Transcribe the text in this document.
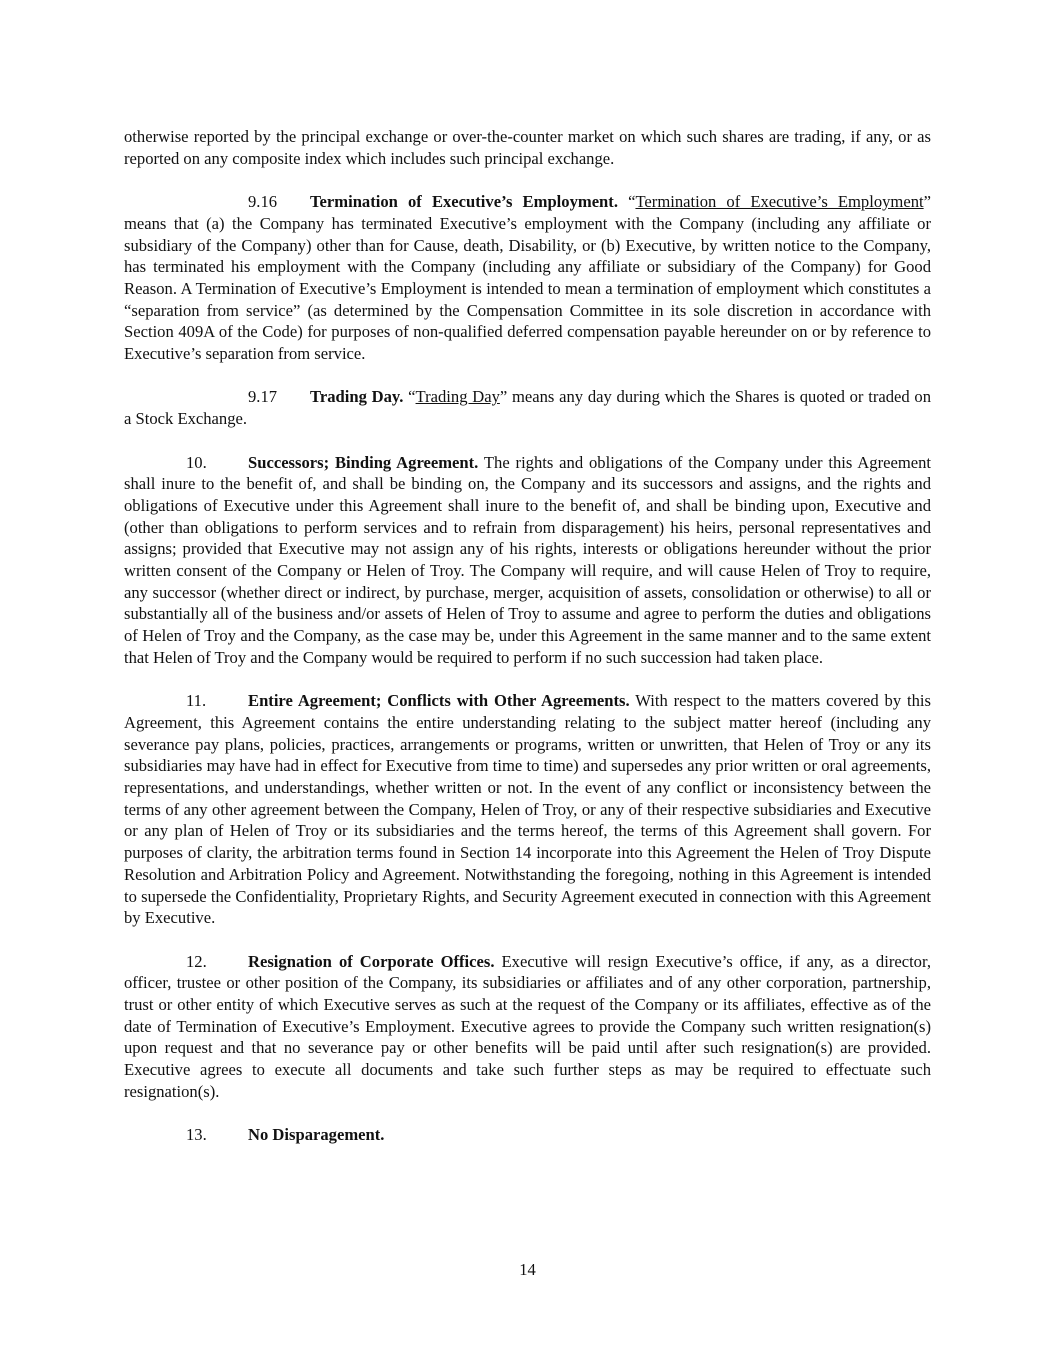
otherwise reported by the principal exchange or over-the-counter market on which such shares are trading, if any, or as reported on any composite index which includes such principal exchange.

9.16 Termination of Executive’s Employment. “Termination of Executive’s Employment” means that (a) the Company has terminated Executive’s employment with the Company (including any affiliate or subsidiary of the Company) other than for Cause, death, Disability, or (b) Executive, by written notice to the Company, has terminated his employment with the Company (including any affiliate or subsidiary of the Company) for Good Reason. A Termination of Executive’s Employment is intended to mean a termination of employment which constitutes a “separation from service” (as determined by the Compensation Committee in its sole discretion in accordance with Section 409A of the Code) for purposes of non-qualified deferred compensation payable hereunder on or by reference to Executive’s separation from service.

9.17 Trading Day. “Trading Day” means any day during which the Shares is quoted or traded on a Stock Exchange.

10. Successors; Binding Agreement. The rights and obligations of the Company under this Agreement shall inure to the benefit of, and shall be binding on, the Company and its successors and assigns, and the rights and obligations of Executive under this Agreement shall inure to the benefit of, and shall be binding upon, Executive and (other than obligations to perform services and to refrain from disparagement) his heirs, personal representatives and assigns; provided that Executive may not assign any of his rights, interests or obligations hereunder without the prior written consent of the Company or Helen of Troy. The Company will require, and will cause Helen of Troy to require, any successor (whether direct or indirect, by purchase, merger, acquisition of assets, consolidation or otherwise) to all or substantially all of the business and/or assets of Helen of Troy to assume and agree to perform the duties and obligations of Helen of Troy and the Company, as the case may be, under this Agreement in the same manner and to the same extent that Helen of Troy and the Company would be required to perform if no such succession had taken place.

11.	Entire Agreement; Conflicts with Other Agreements. With respect to the matters covered by this Agreement, this Agreement contains the entire understanding relating to the subject matter hereof (including any severance pay plans, policies, practices, arrangements or programs, written or unwritten, that Helen of Troy or any its subsidiaries may have had in effect for Executive from time to time) and supersedes any prior written or oral agreements, representations, and understandings, whether written or not. In the event of any conflict or inconsistency between the terms of any other agreement between the Company, Helen of Troy, or any of their respective subsidiaries and Executive or any plan of Helen of Troy or its subsidiaries and the terms hereof, the terms of this Agreement shall govern. For purposes of clarity, the arbitration terms found in Section 14 incorporate into this Agreement the Helen of Troy Dispute Resolution and Arbitration Policy and Agreement. Notwithstanding the foregoing, nothing in this Agreement is intended to supersede the Confidentiality, Proprietary Rights, and Security Agreement executed in connection with this Agreement by Executive.

12. Resignation of Corporate Offices. Executive will resign Executive’s office, if any, as a director, officer, trustee or other position of the Company, its subsidiaries or affiliates and of any other corporation, partnership, trust or other entity of which Executive serves as such at the request of the Company or its affiliates, effective as of the date of Termination of Executive’s Employment. Executive agrees to provide the Company such written resignation(s) upon request and that no severance pay or other benefits will be paid until after such resignation(s) are provided. Executive agrees to execute all documents and take such further steps as may be required to effectuate such resignation(s).

13. No Disparagement.

14
